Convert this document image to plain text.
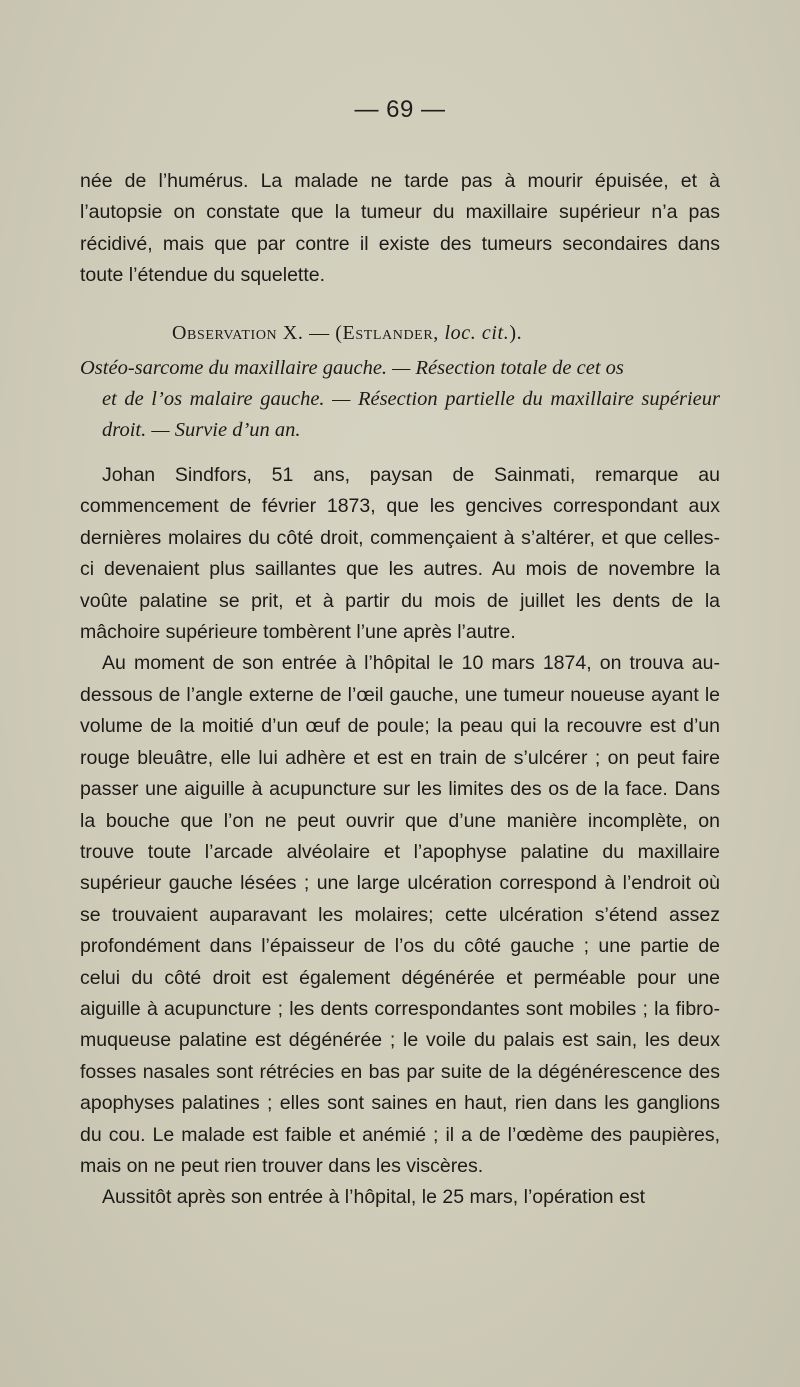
— 69 —

née de l’humérus. La malade ne tarde pas à mourir épuisée, et à l’autopsie on constate que la tumeur du maxillaire supérieur n’a pas récidivé, mais que par contre il existe des tumeurs secondaires dans toute l’étendue du squelette.

Observation X. — (Estlander, loc. cit.).

Ostéo-sarcome du maxillaire gauche. — Résection totale de cet os
et de l’os malaire gauche. — Résection partielle du maxillaire supérieur droit. — Survie d’un an.

Johan Sindfors, 51 ans, paysan de Sainmati, remarque au commencement de février 1873, que les gencives correspondant aux dernières molaires du côté droit, commençaient à s’altérer, et que celles-ci devenaient plus saillantes que les autres. Au mois de novembre la voûte palatine se prit, et à partir du mois de juillet les dents de la mâchoire supérieure tombèrent l’une après l’autre.

Au moment de son entrée à l’hôpital le 10 mars 1874, on trouva au-dessous de l’angle externe de l’œil gauche, une tumeur noueuse ayant le volume de la moitié d’un œuf de poule; la peau qui la recouvre est d’un rouge bleuâtre, elle lui adhère et est en train de s’ulcérer ; on peut faire passer une aiguille à acupuncture sur les limites des os de la face. Dans la bouche que l’on ne peut ouvrir que d’une manière incomplète, on trouve toute l’arcade alvéolaire et l’apophyse palatine du maxillaire supérieur gauche lésées ; une large ulcération correspond à l’endroit où se trouvaient auparavant les molaires; cette ulcération s’étend assez profondément dans l’épaisseur de l’os du côté gauche ; une partie de celui du côté droit est également dégénérée et perméable pour une aiguille à acupuncture ; les dents correspondantes sont mobiles ; la fibro-muqueuse palatine est dégénérée ; le voile du palais est sain, les deux fosses nasales sont rétrécies en bas par suite de la dégénérescence des apophyses palatines ; elles sont saines en haut, rien dans les ganglions du cou. Le malade est faible et anémié ; il a de l’œdème des paupières, mais on ne peut rien trouver dans les viscères.

Aussitôt après son entrée à l’hôpital, le 25 mars, l’opération est
